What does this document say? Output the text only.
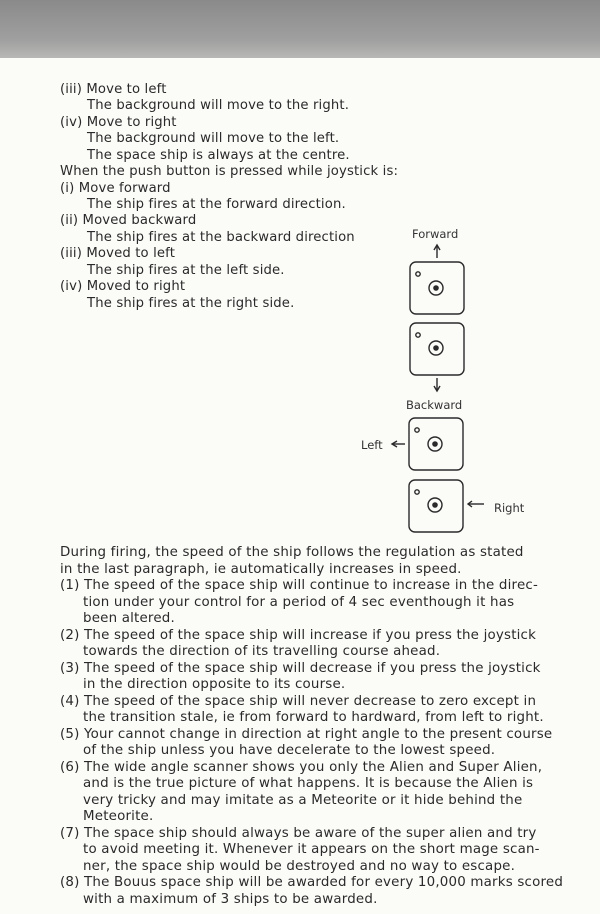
(iii) Move to left
The background will move to the right.
(iv) Move to right
The background will move to the left.
The space ship is always at the centre.
When the push button is pressed while joystick is:
(i) Move forward
The ship fires at the forward direction.
(ii) Moved backward
The ship fires at the backward direction
(iii) Moved to left
The ship fires at the left side.
(iv) Moved to right
The ship fires at the right side.
Forward
Backward
Left
Right
During firing, the speed of the ship follows the regulation as stated
in the last paragraph, ie automatically increases in speed.
(1) The speed of the space ship will continue to increase in the direc-
tion under your control for a period of 4 sec eventhough it has
been altered.
(2) The speed of the space ship will increase if you press the joystick
towards the direction of its travelling course ahead.
(3) The speed of the space ship will decrease if you press the joystick
in the direction opposite to its course.
(4) The speed of the space ship will never decrease to zero except in
the transition stale, ie from forward to hardward, from left to right.
(5) Your cannot change in direction at right angle to the present course
of the ship unless you have decelerate to the lowest speed.
(6) The wide angle scanner shows you only the Alien and Super Alien,
and is the true picture of what happens. It is because the Alien is
very tricky and may imitate as a Meteorite or it hide behind the
Meteorite.
(7) The space ship should always be aware of the super alien and try
to avoid meeting it. Whenever it appears on the short mage scan-
ner, the space ship would be destroyed and no way to escape.
(8) The Bouus space ship will be awarded for every 10,000 marks scored
with a maximum of 3 ships to be awarded.
